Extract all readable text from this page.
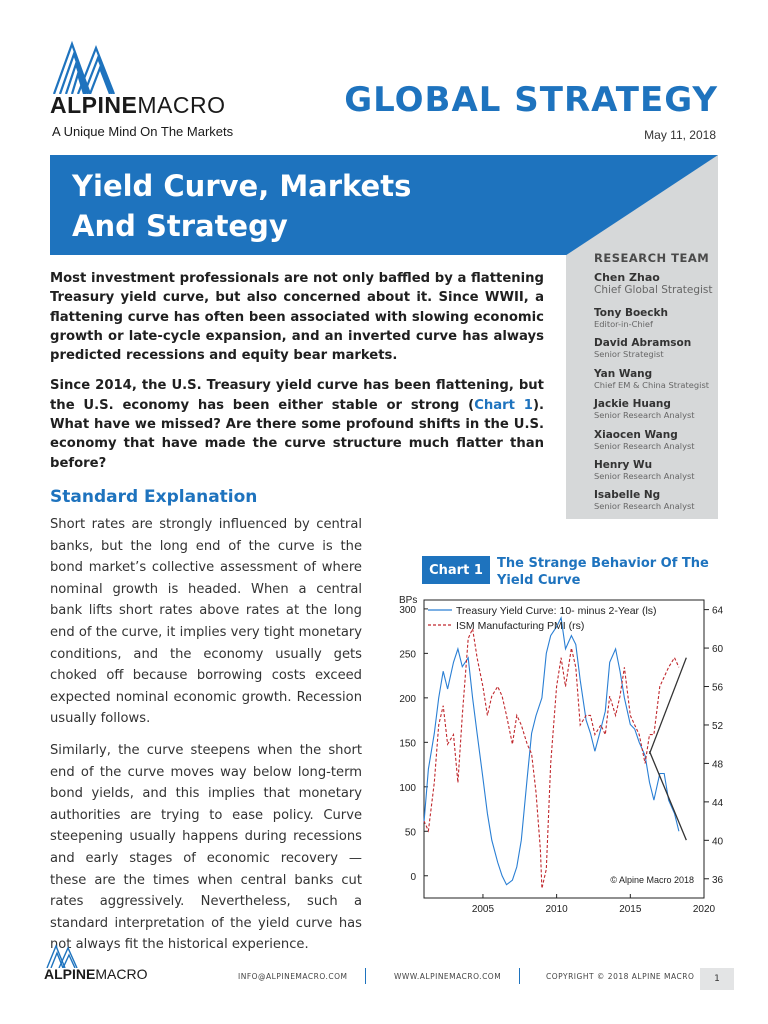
ALPINEMACRO
A Unique Mind On The Markets
GLOBAL STRATEGY
May 11, 2018
Yield Curve, Markets
And Strategy
RESEARCH TEAM
Chen Zhao
Chief Global Strategist
Tony Boeckh
Editor-in-Chief
David Abramson
Senior Strategist
Yan Wang
Chief EM & China Strategist
Jackie Huang
Senior Research Analyst
Xiaocen Wang
Senior Research Analyst
Henry Wu
Senior Research Analyst
Isabelle Ng
Senior Research Analyst

Most investment professionals are not only baffled by a flattening Treasury yield curve, but also concerned about it. Since WWII, a flattening curve has often been associated with slowing economic growth or late-cycle expansion, and an inverted curve has always predicted recessions and equity bear markets.

Since 2014, the U.S. Treasury yield curve has been flattening, but the U.S. economy has been either stable or strong (Chart 1). What have we missed? Are there some profound shifts in the U.S. economy that have made the curve structure much flatter than before?

Standard Explanation

Short rates are strongly influenced by central banks, but the long end of the curve is the bond market’s collective assessment of where nominal growth is headed. When a central bank lifts short rates above rates at the long end of the curve, it implies very tight monetary conditions, and the economy usually gets choked off because borrowing costs exceed expected nominal economic growth. Recession usually follows.

Similarly, the curve steepens when the short end of the curve moves way below long-term bond yields, and this implies that monetary authorities are trying to ease policy. Curve steepening usually happens during recessions and early stages of economic recovery — these are the times when central banks cut rates aggressively. Nevertheless, such a standard interpretation of the yield curve has not always fit the historical experience.

Chart 1	The Strange Behavior Of The Yield Curve
BPs
0
50
100
150
200
250
300
36
40
44
48
52
56
60
64
2005	2010	2015	2020
Treasury Yield Curve: 10- minus 2-Year (ls)
ISM Manufacturing PMI (rs)
© Alpine Macro 2018
ALPINEMACRO	INFO@ALPINEMACRO.COM	WWW.ALPINEMACRO.COM	COPYRIGHT © 2018 ALPINE MACRO	1
